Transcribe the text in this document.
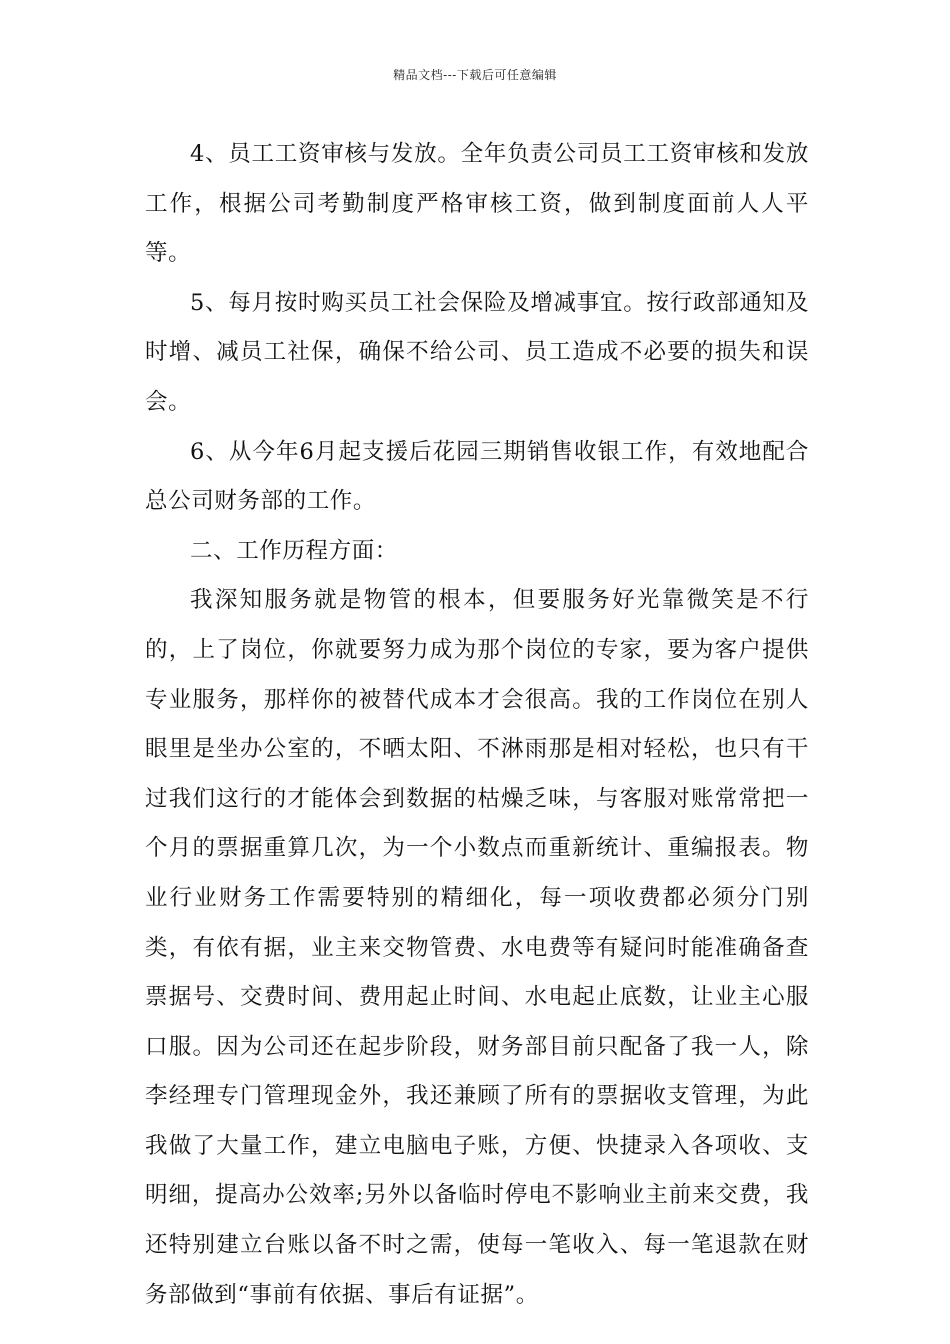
精品文档---下载后可任意编辑

4、员工工资审核与发放。全年负责公司员工工资审核和发放工作，根据公司考勤制度严格审核工资，做到制度面前人人平等。

5、每月按时购买员工社会保险及增减事宜。按行政部通知及时增、减员工社保，确保不给公司、员工造成不必要的损失和误会。

6、从今年6月起支援后花园三期销售收银工作，有效地配合总公司财务部的工作。

二、工作历程方面：

我深知服务就是物管的根本，但要服务好光靠微笑是不行的，上了岗位，你就要努力成为那个岗位的专家，要为客户提供专业服务，那样你的被替代成本才会很高。我的工作岗位在别人眼里是坐办公室的，不晒太阳、不淋雨那是相对轻松，也只有干过我们这行的才能体会到数据的枯燥乏味，与客服对账常常把一个月的票据重算几次，为一个小数点而重新统计、重编报表。物业行业财务工作需要特别的精细化，每一项收费都必须分门别类，有依有据，业主来交物管费、水电费等有疑问时能准确备查票据号、交费时间、费用起止时间、水电起止底数，让业主心服口服。因为公司还在起步阶段，财务部目前只配备了我一人，除李经理专门管理现金外，我还兼顾了所有的票据收支管理，为此我做了大量工作，建立电脑电子账，方便、快捷录入各项收、支明细，提高办公效率;另外以备临时停电不影响业主前来交费，我还特别建立台账以备不时之需，使每一笔收入、每一笔退款在财务部做到“事前有依据、事后有证据”。
